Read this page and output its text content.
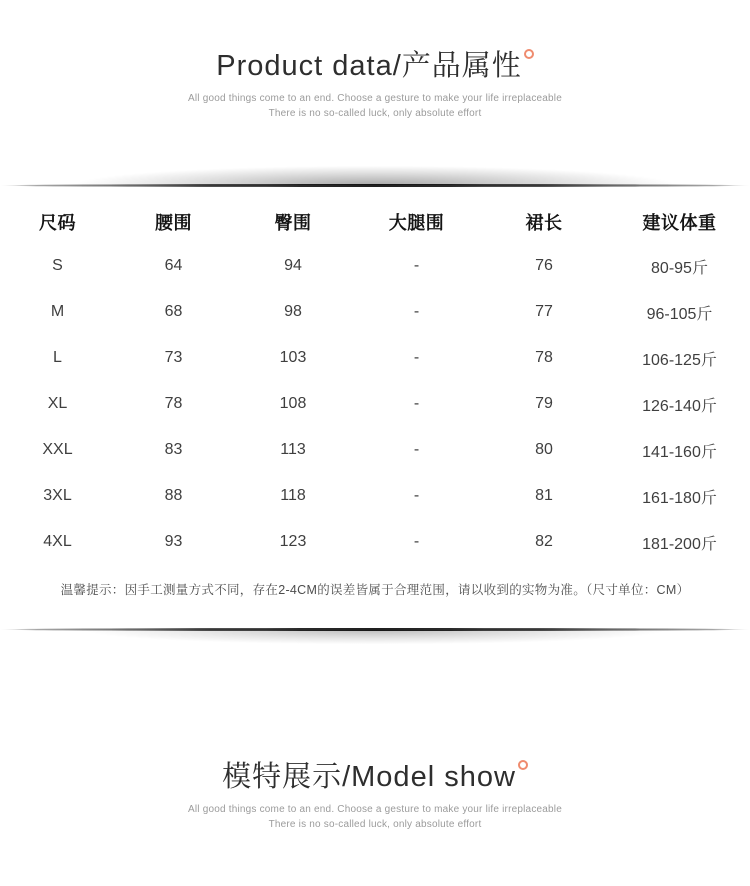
Product data/产品属性
All good things come to an end. Choose a gesture to make your life irreplaceable
There is no so-called luck, only absolute effort
尺码	腰围	臀围	大腿围	裙长	建议体重
S	64	94	-	76	80-95斤
M	68	98	-	77	96-105斤
L	73	103	-	78	106-125斤
XL	78	108	-	79	126-140斤
XXL	83	113	-	80	141-160斤
3XL	88	118	-	81	161-180斤
4XL	93	123	-	82	181-200斤
温馨提示：因手工测量方式不同，存在2-4CM的误差皆属于合理范围，请以收到的实物为准。（尺寸单位：CM）
模特展示/Model show
All good things come to an end. Choose a gesture to make your life irreplaceable
There is no so-called luck, only absolute effort
